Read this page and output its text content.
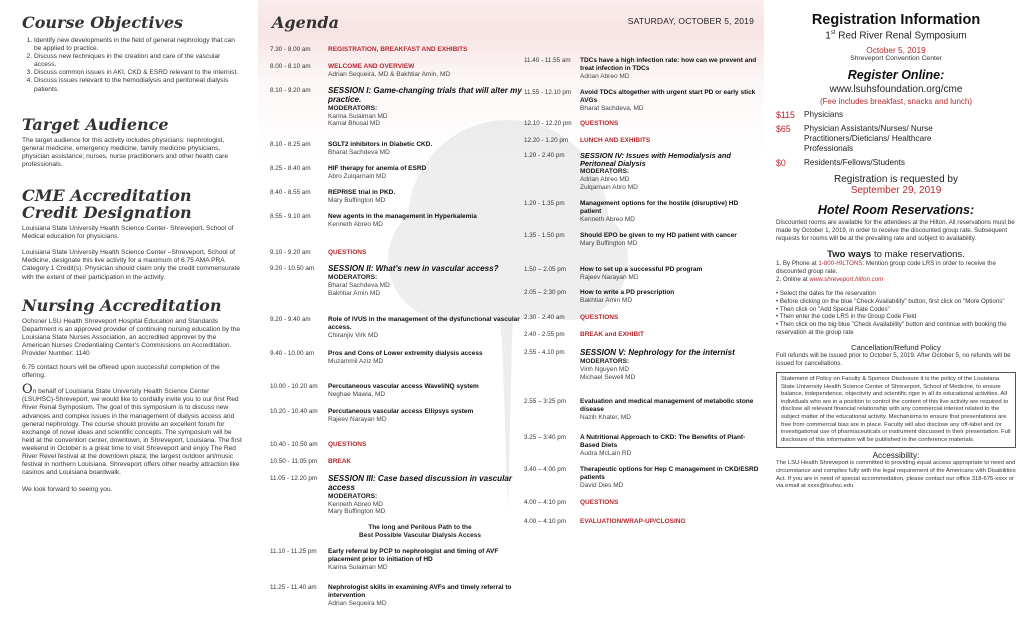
Course Objectives
1. Identify new developments in the field of general nephrology that can be applied to practice.
2. Discuss new techniques in the creation and care of the vascular access.
3. Discuss common issues in AKI, CKD & ESRD relevant to the internist.
4. Discuss issues relevant to the hemodialysis and peritoneal dialysis patients.
Target Audience

The target audience for this activity includes physicians: nephrologist, general medicine, emergency medicine, family medicine physicians, physician assistance; nurses, nurse practitioners and other health care professionals.

CME Accreditation
Credit Designation

Louisiana State University Health Science Center- Shreveport, School of Medical education for physicians.

Louisiana State University Health Science Center –Shreveport, School of Medicine, designate this live activity for a maximum of 6.75 AMA PRA Category 1 Credit(s). Physician should claim only the credit commensurate with the extent of their participation in the activity.

Nursing Accreditation

Ochsner LSU Health Shreveport Hospital Education and Standards Department is an approved provider of continuing nursing education by the Louisiana State Nurses Association, an accredited approver by the American Nurses Credentialing Center's Commissions on Accreditation. Provider Number: 1140

6.75 contact hours will be offered upon successful completion of the offering.

On behalf of Louisiana State University Health Science Center (LSUHSC)-Shreveport, we would like to cordially invite you to our first Red River Renal Symposium. The goal of this symposium is to discuss new advances and complex issues in the management of dialysis access and general nephrology. The course should provide an excellent forum for exchange of novel ideas and scientific concepts. The symposium will be held at the convention center, downtown, in Shreveport, Louisiana. The first weekend in October is a great time to visit Shreveport and enjoy The Red River Revel festival at the downtown plaza; the largest outdoor art/music festival in northern Louisiana. Shreveport offers other nearby attraction like casinos and Louisiana boardwalk.

We look forward to seeing you.

Agenda	SATURDAY, OCTOBER 5, 2019
7.30 - 8.00 am	REGISTRATION, BREAKFAST AND EXHIBITS
8.00 - 8.10 am	WELCOME AND OVERVIEW
Adrian Sequeira, MD & Bakhtiar Amin, MD
8.10 - 9.20 am	SESSION I: Game-changing trials that will alter my practice.
MODERATORS:
Karina Sulaiman MD
Kamal Bhusal MD
8.10 - 8.25 am	SGLT2 inhibitors in Diabetic CKD.
Bharat Sachdeva MD
8.25 - 8.40 am	HIF therapy for anemia of ESRD
Abro Zulqarnain MD
8.40 - 8.55 am	REPRISE trial in PKD.
Mary Buffington MD
8.55 - 9.10 am	New agents in the management in Hyperkalemia
Kenneth Abreo MD
9.10 - 9.20 am	QUESTIONS
9.20 - 10.50 am	SESSION II: What's new in vascular access?
MODERATORS:
Bharat Sachdeva MD
Bakhtiar Amin MD
9.20 - 9.40 am	Role of IVUS in the management of the dysfunctional vascular access.
Chiranjiv Virk MD
9.40 - 10.00 am	Pros and Cons of Lower extremity dialysis access
Muzammil Aziz MD
10.00 - 10.20 am	Percutaneous vascular access WaveliNQ system
Neghae Mawla, MD
10.20 - 10.40 am	Percutaneous vascular access Ellipsys system
Rajeev Narayan MD
10.40 - 10.50 am	QUESTIONS
10.50 - 11.05 pm	BREAK
11.05 - 12.20 pm	SESSION III: Case based discussion in vascular access
MODERATORS:
Kenneth Abreo MD
Mary Buffington MD
11.10 - 11.25 pm	Early referral by PCP to nephrologist and timing of AVF placement prior to initiation of HD
Karina Sulaiman MD
11.25 - 11.40 am	Nephrologist skills in examining AVFs and timely referral to intervention
Adrian Sequeira MD
The long and Perilous Path to the
Best Possible Vascular Dialysis Access
11.40 - 11.55 am	TDCs have a high infection rate: how can we prevent and treat infection in TDCs
Adrian Abreo MD
11.55 - 12.10 pm	Avoid TDCs altogether with urgent start PD or early stick AVGs
Bharat Sachdeva, MD
12.10 - 12.20 pm	QUESTIONS
12.20 - 1.20 pm	LUNCH AND EXHIBITS
1.20 - 2.40 pm	SESSION IV: Issues with Hemodialysis and Peritoneal Dialysis
MODERATORS:
Adrian Abreo MD
Zulqarnain Abro MD
1.20 - 1.35 pm	Management options for the hostile (disruptive) HD patient
Kenneth Abreo MD
1.35 - 1.50 pm	Should EPO be given to my HD patient with cancer
Mary Buffington MD
1.50 – 2.05 pm	How to set up a successful PD program
Rajeev Narayan MD
2.05 – 2:30 pm	How to write a PD prescription
Bakhtiar Amin MD
2.30 - 2.40 am	QUESTIONS
2.40 - 2.55 pm	BREAK and EXHIBIT
2.55 - 4.10 pm	SESSION V: Nephrology for the internist
MODERATORS:
Vinh Nguyen MD
Michael Sewell MD
2.55 – 3:25 pm	Evaluation and medical management of metabolic stone disease
Nazih Khater, MD
3.25 – 3:40 pm	A Nutritional Approach to CKD: The Benefits of Plant-Based Diets
Audra McLain RD
3.40 – 4:00 pm	Therapeutic options for Hep C management in CKD/ESRD patients
David Dies MD
4.00 – 4:10 pm	QUESTIONS
4.00 – 4:10 pm	EVALUATION/WRAP-UP/CLOSING
Registration Information
1st Red River Renal Symposium
October 5, 2019
Shreveport Convention Center
Register Online:
www.lsuhsfoundation.org/cme
(Fee includes breakfast, snacks and lunch)
$115	Physicians
$65	Physician Assistants/Nurses/ Nurse Practitioners/Dieticians/ Healthcare Professionals
$0	Residents/Fellows/Students
Registration is requested by
September 29, 2019
Hotel Room Reservations:

Discounted rooms are available for the attendees at the Hilton. All reservations must be made by October 1, 2019, in order to receive the discounted group rate. Subsequent requests for rooms will be at the prevailing rate and subject to availability.

Two ways to make reservations.

1. By Phone at 1-800-HILTONS: Mention group code LRS in order to receive the discounted group rate.

2. Online at www.shreveport.hilton.com

• Select the dates for the reservation
• Before clicking on the blue "Check Availability" button, first click on "More Options"
• Then click on "Add Special Rate Codes"
• Then enter the code LRS in the Group Code Field
• Then click on the big blue "Check Availability" button and continue with booking the reservation at the group rate
Cancellation/Refund Policy

Full refunds will be issued prior to October 5, 2019. After October 5, no refunds will be issued for cancellations.

Statement of Policy on Faculty & Sponsor Disclosure it is the policy of the Louisiana State University Health Science Center of Shreveport, School of Medicine, to ensure balance, independence, objectivity and scientific rigor in all its educational activities. All individuals who are in a position to control the content of this live activity are required to disclose all relevant financial relationship with any commercial interest related to the subject matter of the educational activity. Mechanisms to ensure that presentations are free from commercial bias are in place. Faculty will also disclose any off-label and /or investigational use of pharmaceuticals or instrument discussed in their presentation. Full disclosure of this information will be published in the conference materials.

Accessibility:

The LSU Health Shreveport is committed to providing equal access appropriate to need and circumstance and complies fully with the legal requirement of the Americans with Disabilities Act. If you are in need of special accommodation, please contact our office 318-675-xxxx or via email at xxxx@lsuhsc.edu
